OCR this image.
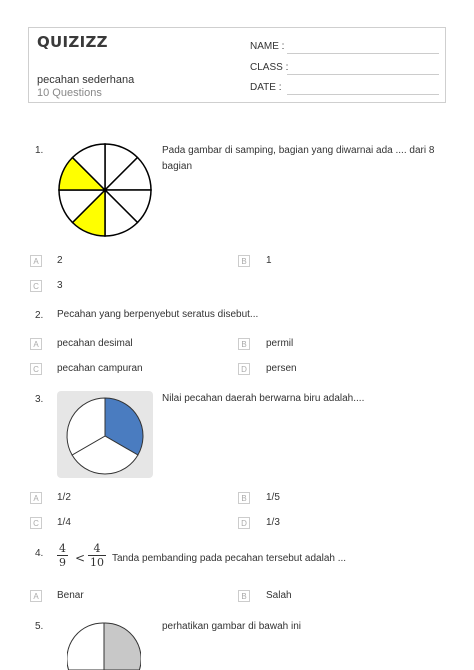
QUIZIZZ
pecahan sederhana
10 Questions
NAME :
CLASS :
DATE :
1.	Pada gambar di samping, bagian yang diwarnai ada .... dari 8 bagian
A	2	B	1
C	3
2. Pecahan yang berpenyebut seratus disebut...
A	pecahan desimal	B	permil
C	pecahan campuran	D	persen
3.	Nilai pecahan daerah berwarna biru adalah....
A	1/2	B	1/5
C	1/4	D	1/3
4. $\frac{4}{9} < \frac{4}{10}$ Tanda pembanding pada pecahan tersebut adalah ...
A	Benar	B	Salah
5.	perhatikan gambar di bawah ini
